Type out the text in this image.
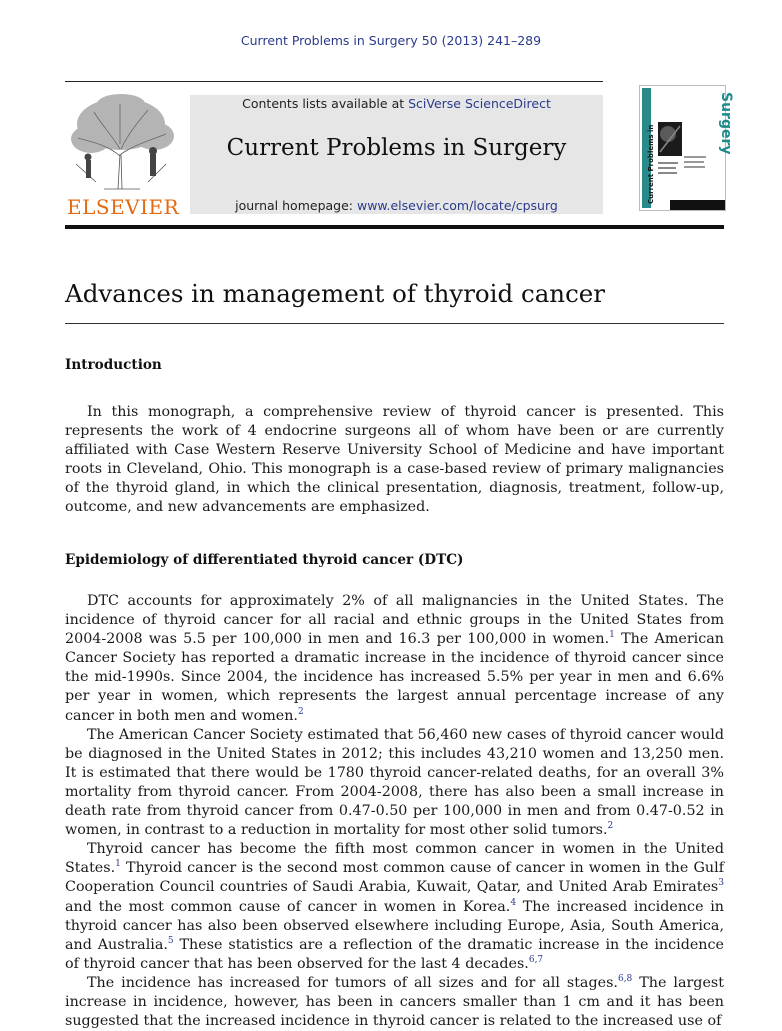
Current Problems in Surgery 50 (2013) 241–289
ELSEVIER
Contents lists available at SciVerse ScienceDirect
Current Problems in Surgery
journal homepage: www.elsevier.com/locate/cpsurg
Surgery
Current Problems in
Advances in management of thyroid cancer
Introduction
In this monograph, a comprehensive review of thyroid cancer is presented. This represents the work of 4 endocrine surgeons all of whom have been or are currently affiliated with Case Western Reserve University School of Medicine and have important roots in Cleveland, Ohio. This monograph is a case-based review of primary malignancies of the thyroid gland, in which the clinical presentation, diagnosis, treatment, follow-up, outcome, and new advancements are emphasized.
Epidemiology of differentiated thyroid cancer (DTC)
DTC accounts for approximately 2% of all malignancies in the United States. The incidence of thyroid cancer for all racial and ethnic groups in the United States from 2004-2008 was 5.5 per 100,000 in men and 16.3 per 100,000 in women.$^1$ The American Cancer Society has reported a dramatic increase in the incidence of thyroid cancer since the mid-1990s. Since 2004, the incidence has increased 5.5% per year in men and 6.6% per year in women, which represents the largest annual percentage increase of any cancer in both men and women.$^2$
The American Cancer Society estimated that 56,460 new cases of thyroid cancer would be diagnosed in the United States in 2012; this includes 43,210 women and 13,250 men. It is estimated that there would be 1780 thyroid cancer-related deaths, for an overall 3% mortality from thyroid cancer. From 2004-2008, there has also been a small increase in death rate from thyroid cancer from 0.47-0.50 per 100,000 in men and from 0.47-0.52 in women, in contrast to a reduction in mortality for most other solid tumors.$^2$
Thyroid cancer has become the fifth most common cancer in women in the United States.$^1$ Thyroid cancer is the second most common cause of cancer in women in the Gulf Cooperation Council countries of Saudi Arabia, Kuwait, Qatar, and United Arab Emirates$^3$ and the most common cause of cancer in women in Korea.$^4$ The increased incidence in thyroid cancer has also been observed elsewhere including Europe, Asia, South America, and Australia.$^5$ These statistics are a reflection of the dramatic increase in the incidence of thyroid cancer that has been observed for the last 4 decades.$^{6,7}$
The incidence has increased for tumors of all sizes and for all stages.$^{6,8}$ The largest increase in incidence, however, has been in cancers smaller than 1 cm and it has been suggested that the increased incidence in thyroid cancer is related to the increased use of
